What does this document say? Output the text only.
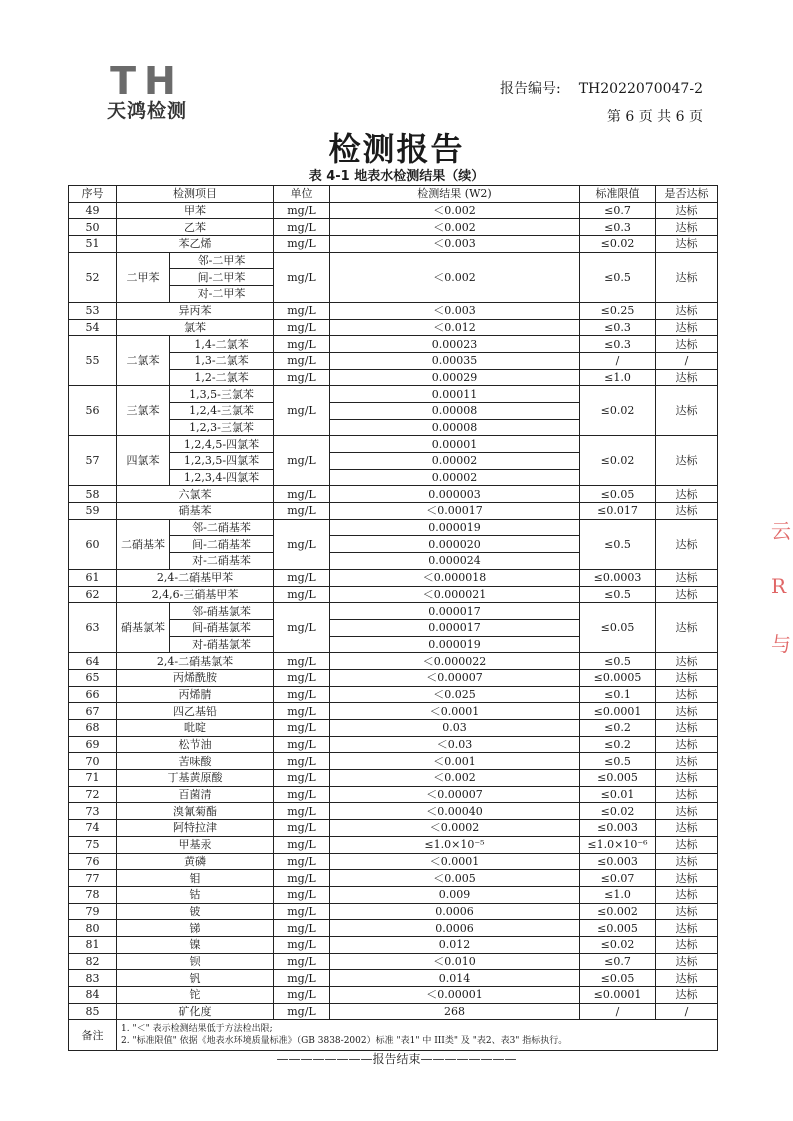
TH
天鸿检测
报告编号: TH2022070047-2
第 6 页 共 6 页
检测报告
表 4-1 地表水检测结果（续）
序号	检测项目		单位	检测结果 (W2)	标准限值	是否达标
49	甲苯		mg/L	＜0.002	≤0.7	达标
50	乙苯		mg/L	＜0.002	≤0.3	达标
51	苯乙烯		mg/L	＜0.003	≤0.02	达标
52	二甲苯	邻-二甲苯	mg/L	＜0.002	≤0.5	达标
		间-二甲苯				
		对-二甲苯				
53	异丙苯		mg/L	＜0.003	≤0.25	达标
54	氯苯		mg/L	＜0.012	≤0.3	达标
55	二氯苯	1,4-二氯苯	mg/L	0.00023	≤0.3	达标
		1,3-二氯苯	mg/L	0.00035	/	/
		1,2-二氯苯	mg/L	0.00029	≤1.0	达标
56	三氯苯	1,3,5-三氯苯	mg/L	0.00011	≤0.02	达标
		1,2,4-三氯苯		0.00008		
		1,2,3-三氯苯		0.00008		
57	四氯苯	1,2,4,5-四氯苯	mg/L	0.00001	≤0.02	达标
		1,2,3,5-四氯苯		0.00002		
		1,2,3,4-四氯苯		0.00002		
58	六氯苯		mg/L	0.000003	≤0.05	达标
59	硝基苯		mg/L	＜0.00017	≤0.017	达标
60	二硝基苯	邻-二硝基苯	mg/L	0.000019	≤0.5	达标
		间-二硝基苯		0.000020		
		对-二硝基苯		0.000024		
61	2,4-二硝基甲苯		mg/L	＜0.000018	≤0.0003	达标
62	2,4,6-三硝基甲苯		mg/L	＜0.000021	≤0.5	达标
63	硝基氯苯	邻-硝基氯苯	mg/L	0.000017	≤0.05	达标
		间-硝基氯苯		0.000017		
		对-硝基氯苯		0.000019		
64	2,4-二硝基氯苯		mg/L	＜0.000022	≤0.5	达标
65	丙烯酰胺		mg/L	＜0.00007	≤0.0005	达标
66	丙烯腈		mg/L	＜0.025	≤0.1	达标
67	四乙基铅		mg/L	＜0.0001	≤0.0001	达标
68	吡啶		mg/L	0.03	≤0.2	达标
69	松节油		mg/L	＜0.03	≤0.2	达标
70	苦味酸		mg/L	＜0.001	≤0.5	达标
71	丁基黄原酸		mg/L	＜0.002	≤0.005	达标
72	百菌清		mg/L	＜0.00007	≤0.01	达标
73	溴氰菊酯		mg/L	＜0.00040	≤0.02	达标
74	阿特拉津		mg/L	＜0.0002	≤0.003	达标
75	甲基汞		mg/L	≤1.0×10⁻⁵	≤1.0×10⁻⁶	达标
76	黄磷		mg/L	＜0.0001	≤0.003	达标
77	钼		mg/L	＜0.005	≤0.07	达标
78	钴		mg/L	0.009	≤1.0	达标
79	铍		mg/L	0.0006	≤0.002	达标
80	锑		mg/L	0.0006	≤0.005	达标
81	镍		mg/L	0.012	≤0.02	达标
82	钡		mg/L	＜0.010	≤0.7	达标
83	钒		mg/L	0.014	≤0.05	达标
84	铊		mg/L	＜0.00001	≤0.0001	达标
85	矿化度		mg/L	268	/	/
备注	1. "＜" 表示检测结果低于方法检出限;
2. "标准限值" 依据《地表水环境质量标准》（GB 3838-2002）标准 "表1" 中 III类" 及 "表2、表3" 指标执行。					
————————报告结束————————
云
R
与
